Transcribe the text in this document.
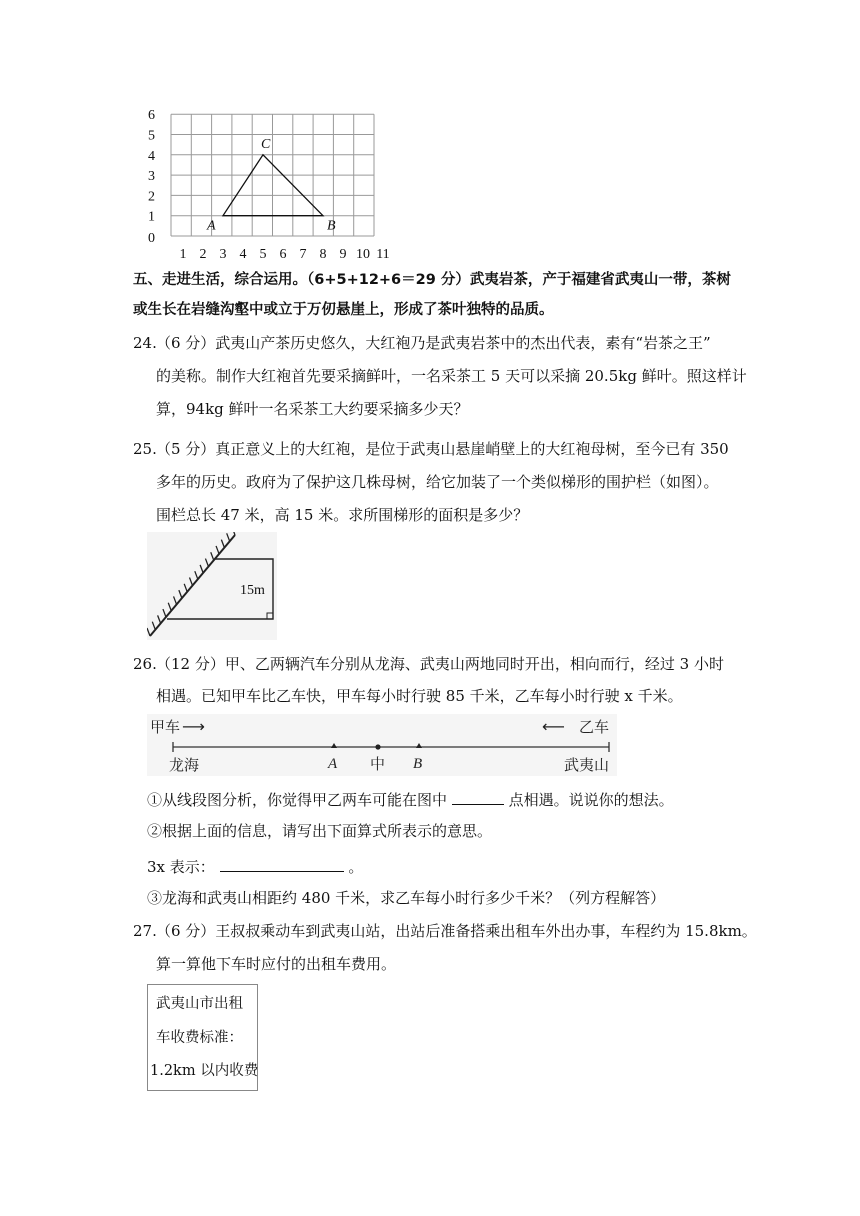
6
5
4
3
2
1
0
1 2 3 4 5 6 7 8 9 10 11
A	B
C
五、走进生活，综合运用。（6+5+12+6＝29 分）武夷岩茶，产于福建省武夷山一带，茶树
或生长在岩缝沟壑中或立于万仞悬崖上，形成了茶叶独特的品质。
24. （6 分）武夷山产茶历史悠久，大红袍乃是武夷岩茶中的杰出代表，素有“岩茶之王”
的美称。制作大红袍首先要采摘鲜叶，一名采茶工 5 天可以采摘 20.5kg 鲜叶。照这样计
算，94kg 鲜叶一名采茶工大约要采摘多少天？
25. （5 分）真正意义上的大红袍，是位于武夷山悬崖峭壁上的大红袍母树，至今已有 350
多年的历史。政府为了保护这几株母树，给它加装了一个类似梯形的围护栏（如图）。
围栏总长 47 米，高 15 米。求所围梯形的面积是多少？
15m
26. （12 分）甲、乙两辆汽车分别从龙海、武夷山两地同时开出，相向而行，经过 3 小时
相遇。已知甲车比乙车快，甲车每小时行驶 85 千米，乙车每小时行驶 x 千米。
甲车 ⟶	⟵ 乙车
龙海	A 中 B	武夷山
①从线段图分析，你觉得甲乙两车可能在图中	点相遇。说说你的想法。
②根据上面的信息，请写出下面算式所表示的意思。
3x 表示：	。
③龙海和武夷山相距约 480 千米，求乙车每小时行多少千米？（列方程解答）
27. （6 分）王叔叔乘动车到武夷山站，出站后准备搭乘出租车外出办事，车程约为 15.8km。
算一算他下车时应付的出租车费用。
武夷山市出租
车收费标准：
1.2km 以内收费
